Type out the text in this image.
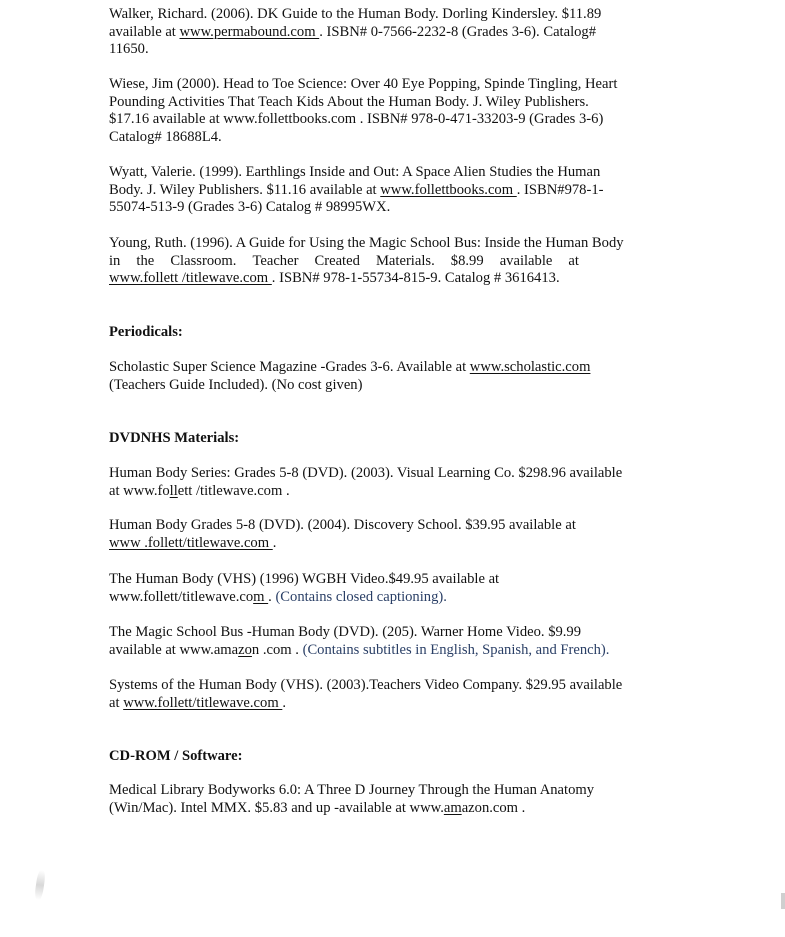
Walker, Richard. (2006). DK Guide to the Human Body. Dorling Kindersley. $11.89

available at www.permabound.com . ISBN# 0-7566-2232-8 (Grades 3-6). Catalog#

11650.

Wiese, Jim (2000). Head to Toe Science: Over 40 Eye Popping, Spinde Tingling, Heart

Pounding Activities That Teach Kids About the Human Body. J. Wiley Publishers.

$17.16 available at www.follettbooks.com . ISBN# 978-0-471-33203-9 (Grades 3-6)

Catalog# 18688L4.

Wyatt, Valerie. (1999). Earthlings Inside and Out: A Space Alien Studies the Human

Body. J. Wiley Publishers. $11.16 available at www.follettbooks.com . ISBN#978-1-

55074-513-9 (Grades 3-6) Catalog # 98995WX.

Young, Ruth. (1996). A Guide for Using the Magic School Bus: Inside the Human Body

in the Classroom. Teacher Created Materials. $8.99 available at

www.follett /titlewave.com . ISBN# 978-1-55734-815-9. Catalog # 3616413.

Periodicals:

Scholastic Super Science Magazine -Grades 3-6. Available at www.scholastic.com

(Teachers Guide Included). (No cost given)

DVDNHS Materials:

Human Body Series: Grades 5-8 (DVD). (2003). Visual Learning Co. $298.96 available

at www.follett /titlewave.com .

Human Body Grades 5-8 (DVD). (2004). Discovery School. $39.95 available at

www .follett/titlewave.com .

The Human Body (VHS) (1996) WGBH Video.$49.95 available at

www.follett/titlewave.com . (Contains closed captioning).

The Magic School Bus -Human Body (DVD). (205). Warner Home Video. $9.99

available at www.amazon .com . (Contains subtitles in English, Spanish, and French).

Systems of the Human Body (VHS). (2003).Teachers Video Company. $29.95 available

at www.follett/titlewave.com .

CD-ROM / Software:

Medical Library Bodyworks 6.0: A Three D Journey Through the Human Anatomy

(Win/Mac). Intel MMX. $5.83 and up -available at www.amazon.com .
